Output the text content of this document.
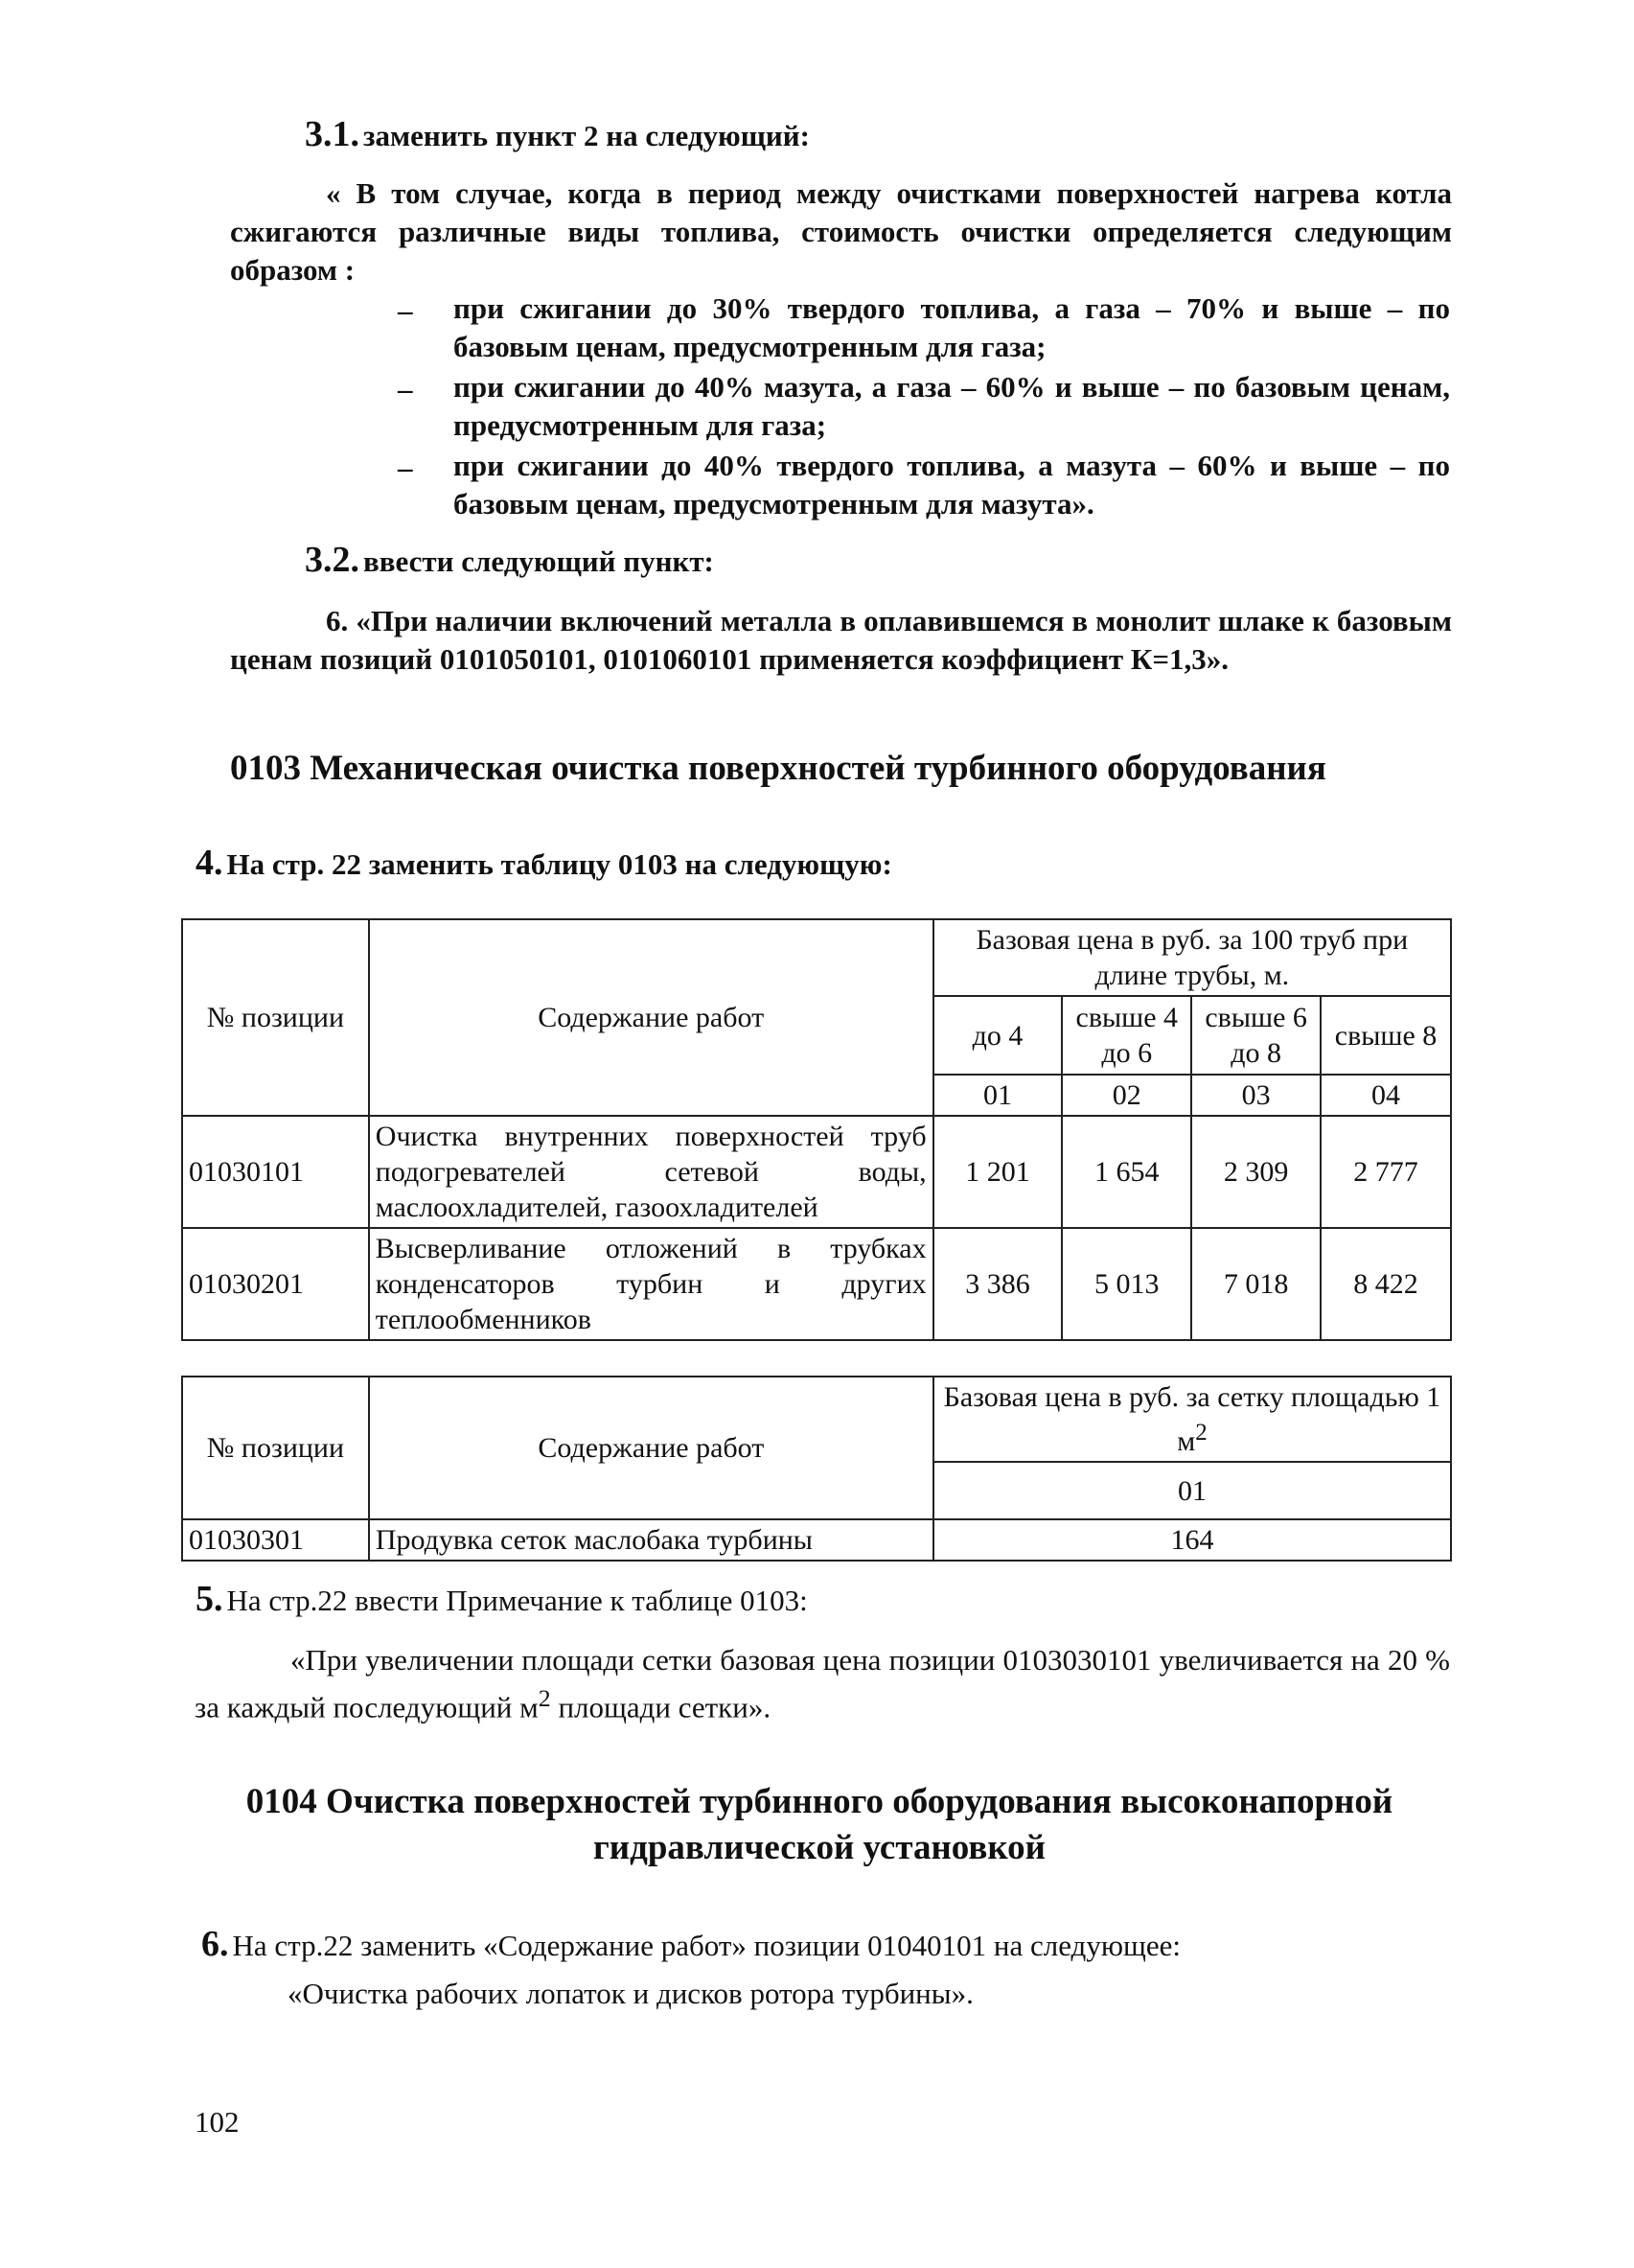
3.1. заменить пункт 2 на следующий:
« В том случае, когда в период между очистками поверхностей нагрева котла сжигаются различные виды топлива, стоимость очистки определяется следующим образом :
– при сжигании до 30% твердого топлива, а газа – 70% и выше – по базовым ценам, предусмотренным для газа;
– при сжигании до 40% мазута, а газа – 60% и выше – по базовым ценам, предусмотренным для газа;
– при сжигании до 40% твердого топлива, а мазута – 60% и выше – по базовым ценам, предусмотренным для мазута».
3.2. ввести следующий пункт:
6. «При наличии включений металла в оплавившемся в монолит шлаке к базовым ценам позиций 0101050101, 0101060101 применяется коэффициент К=1,3».
0103 Механическая очистка поверхностей турбинного оборудования
4. На стр. 22 заменить таблицу 0103 на следующую:
№ позиции	Содержание работ	Базовая цена в руб. за 100 труб при длине трубы, м.			
		до 4	свыше 4 до 6	свыше 6 до 8	свыше 8
		01	02	03	04
01030101	Очистка внутренних поверхностей труб подогревателей сетевой воды, маслоохладителей, газоохладителей	1 201	1 654	2 309	2 777
01030201	Высверливание отложений в трубках конденсаторов турбин и других теплообменников	3 386	5 013	7 018	8 422
№ позиции	Содержание работ	Базовая цена в руб. за сетку площадью 1 $м^2$
		01
01030301	Продувка сеток маслобака турбины	164
5. На стр.22 ввести Примечание к таблице 0103:
«При увеличении площади сетки базовая цена позиции 0103030101 увеличивается на 20 % за каждый последующий $м^2$ площади сетки».
0104 Очистка поверхностей турбинного оборудования высоконапорной гидравлической установкой
6. На стр.22 заменить «Содержание работ» позиции 01040101 на следующее:
«Очистка рабочих лопаток и дисков ротора турбины».
102
